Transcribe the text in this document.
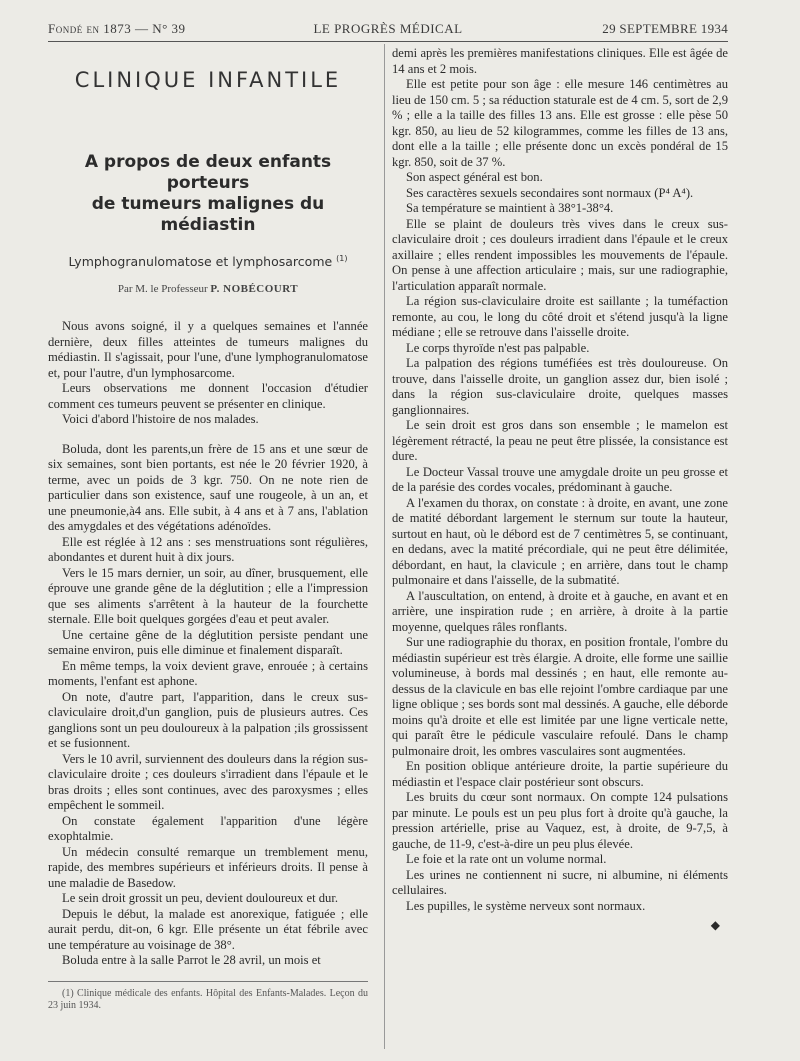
Fondé en 1873 — N° 39	LE PROGRÈS MÉDICAL	29 SEPTEMBRE 1934
CLINIQUE INFANTILE
A propos de deux enfants porteurs
de tumeurs malignes du médiastin
Lymphogranulomatose et lymphosarcome $^{(1)}$
Par M. le Professeur P. NOBÉCOURT

Nous avons soigné, il y a quelques semaines et l'année dernière, deux filles atteintes de tumeurs malignes du médiastin. Il s'agissait, pour l'une, d'une lymphogranulomatose et, pour l'autre, d'un lymphosarcome.

Leurs observations me donnent l'occasion d'étudier comment ces tumeurs peuvent se présenter en clinique.

Voici d'abord l'histoire de nos malades.

Boluda, dont les parents,un frère de 15 ans et une sœur de six semaines, sont bien portants, est née le 20 février 1920, à terme, avec un poids de 3 kgr. 750. On ne note rien de particulier dans son existence, sauf une rougeole, à un an, et une pneumonie,à4 ans. Elle subit, à 4 ans et à 7 ans, l'ablation des amygdales et des végétations adénoïdes.

Elle est réglée à 12 ans : ses menstruations sont régulières, abondantes et durent huit à dix jours.

Vers le 15 mars dernier, un soir, au dîner, brusquement, elle éprouve une grande gêne de la déglutition ; elle a l'impression que ses aliments s'arrêtent à la hauteur de la fourchette sternale. Elle boit quelques gorgées d'eau et peut avaler.

Une certaine gêne de la déglutition persiste pendant une semaine environ, puis elle diminue et finalement disparaît.

En même temps, la voix devient grave, enrouée ; à certains moments, l'enfant est aphone.

On note, d'autre part, l'apparition, dans le creux sus-claviculaire droit,d'un ganglion, puis de plusieurs autres. Ces ganglions sont un peu douloureux à la palpation ;ils grossissent et se fusionnent.

Vers le 10 avril, surviennent des douleurs dans la région sus-claviculaire droite ; ces douleurs s'irradient dans l'épaule et le bras droits ; elles sont continues, avec des paroxysmes ; elles empêchent le sommeil.

On constate également l'apparition d'une légère exophtalmie.

Un médecin consulté remarque un tremblement menu, rapide, des membres supérieurs et inférieurs droits. Il pense à une maladie de Basedow.

Le sein droit grossit un peu, devient douloureux et dur.

Depuis le début, la malade est anorexique, fatiguée ; elle aurait perdu, dit-on, 6 kgr. Elle présente un état fébrile avec une température au voisinage de 38°.

Boluda entre à la salle Parrot le 28 avril, un mois et

(1) Clinique médicale des enfants. Hôpital des Enfants-Malades. Leçon du 23 juin 1934.

demi après les premières manifestations cliniques. Elle est âgée de 14 ans et 2 mois.

Elle est petite pour son âge : elle mesure 146 centimètres au lieu de 150 cm. 5 ; sa réduction staturale est de 4 cm. 5, sort de 2,9 % ; elle a la taille des filles 13 ans. Elle est grosse : elle pèse 50 kgr. 850, au lieu de 52 kilogrammes, comme les filles de 13 ans, dont elle a la taille ; elle présente donc un excès pondéral de 15 kgr. 850, soit de 37 %.

Son aspect général est bon.

Ses caractères sexuels secondaires sont normaux (P⁴ A⁴).

Sa température se maintient à 38°1-38°4.

Elle se plaint de douleurs très vives dans le creux sus-claviculaire droit ; ces douleurs irradient dans l'épaule et le creux axillaire ; elles rendent impossibles les mouvements de l'épaule. On pense à une affection articulaire ; mais, sur une radiographie, l'articulation apparaît normale.

La région sus-claviculaire droite est saillante ; la tuméfaction remonte, au cou, le long du côté droit et s'étend jusqu'à la ligne médiane ; elle se retrouve dans l'aisselle droite.

Le corps thyroïde n'est pas palpable.

La palpation des régions tuméfiées est très douloureuse. On trouve, dans l'aisselle droite, un ganglion assez dur, bien isolé ; dans la région sus-claviculaire droite, quelques masses ganglionnaires.

Le sein droit est gros dans son ensemble ; le mamelon est légèrement rétracté, la peau ne peut être plissée, la consistance est dure.

Le Docteur Vassal trouve une amygdale droite un peu grosse et de la parésie des cordes vocales, prédominant à gauche.

A l'examen du thorax, on constate : à droite, en avant, une zone de matité débordant largement le sternum sur toute la hauteur, surtout en haut, où le débord est de 7 centimètres 5, se continuant, en dedans, avec la matité précordiale, qui ne peut être délimitée, débordant, en haut, la clavicule ; en arrière, dans tout le champ pulmonaire et dans l'aisselle, de la submatité.

A l'auscultation, on entend, à droite et à gauche, en avant et en arrière, une inspiration rude ; en arrière, à droite à la partie moyenne, quelques râles ronflants.

Sur une radiographie du thorax, en position frontale, l'ombre du médiastin supérieur est très élargie. A droite, elle forme une saillie volumineuse, à bords mal dessinés ; en haut, elle remonte au-dessus de la clavicule en bas elle rejoint l'ombre cardiaque par une ligne oblique ; ses bords sont mal dessinés. A gauche, elle déborde moins qu'à droite et elle est limitée par une ligne verticale nette, qui paraît être le pédicule vasculaire refoulé. Dans le champ pulmonaire droit, les ombres vasculaires sont augmentées.

En position oblique antérieure droite, la partie supérieure du médiastin et l'espace clair postérieur sont obscurs.

Les bruits du cœur sont normaux. On compte 124 pulsations par minute. Le pouls est un peu plus fort à droite qu'à gauche, la pression artérielle, prise au Vaquez, est, à droite, de 9-7,5, à gauche, de 11-9, c'est-à-dire un peu plus élevée.

Le foie et la rate ont un volume normal.

Les urines ne contiennent ni sucre, ni albumine, ni éléments cellulaires.

Les pupilles, le système nerveux sont normaux.

◆
